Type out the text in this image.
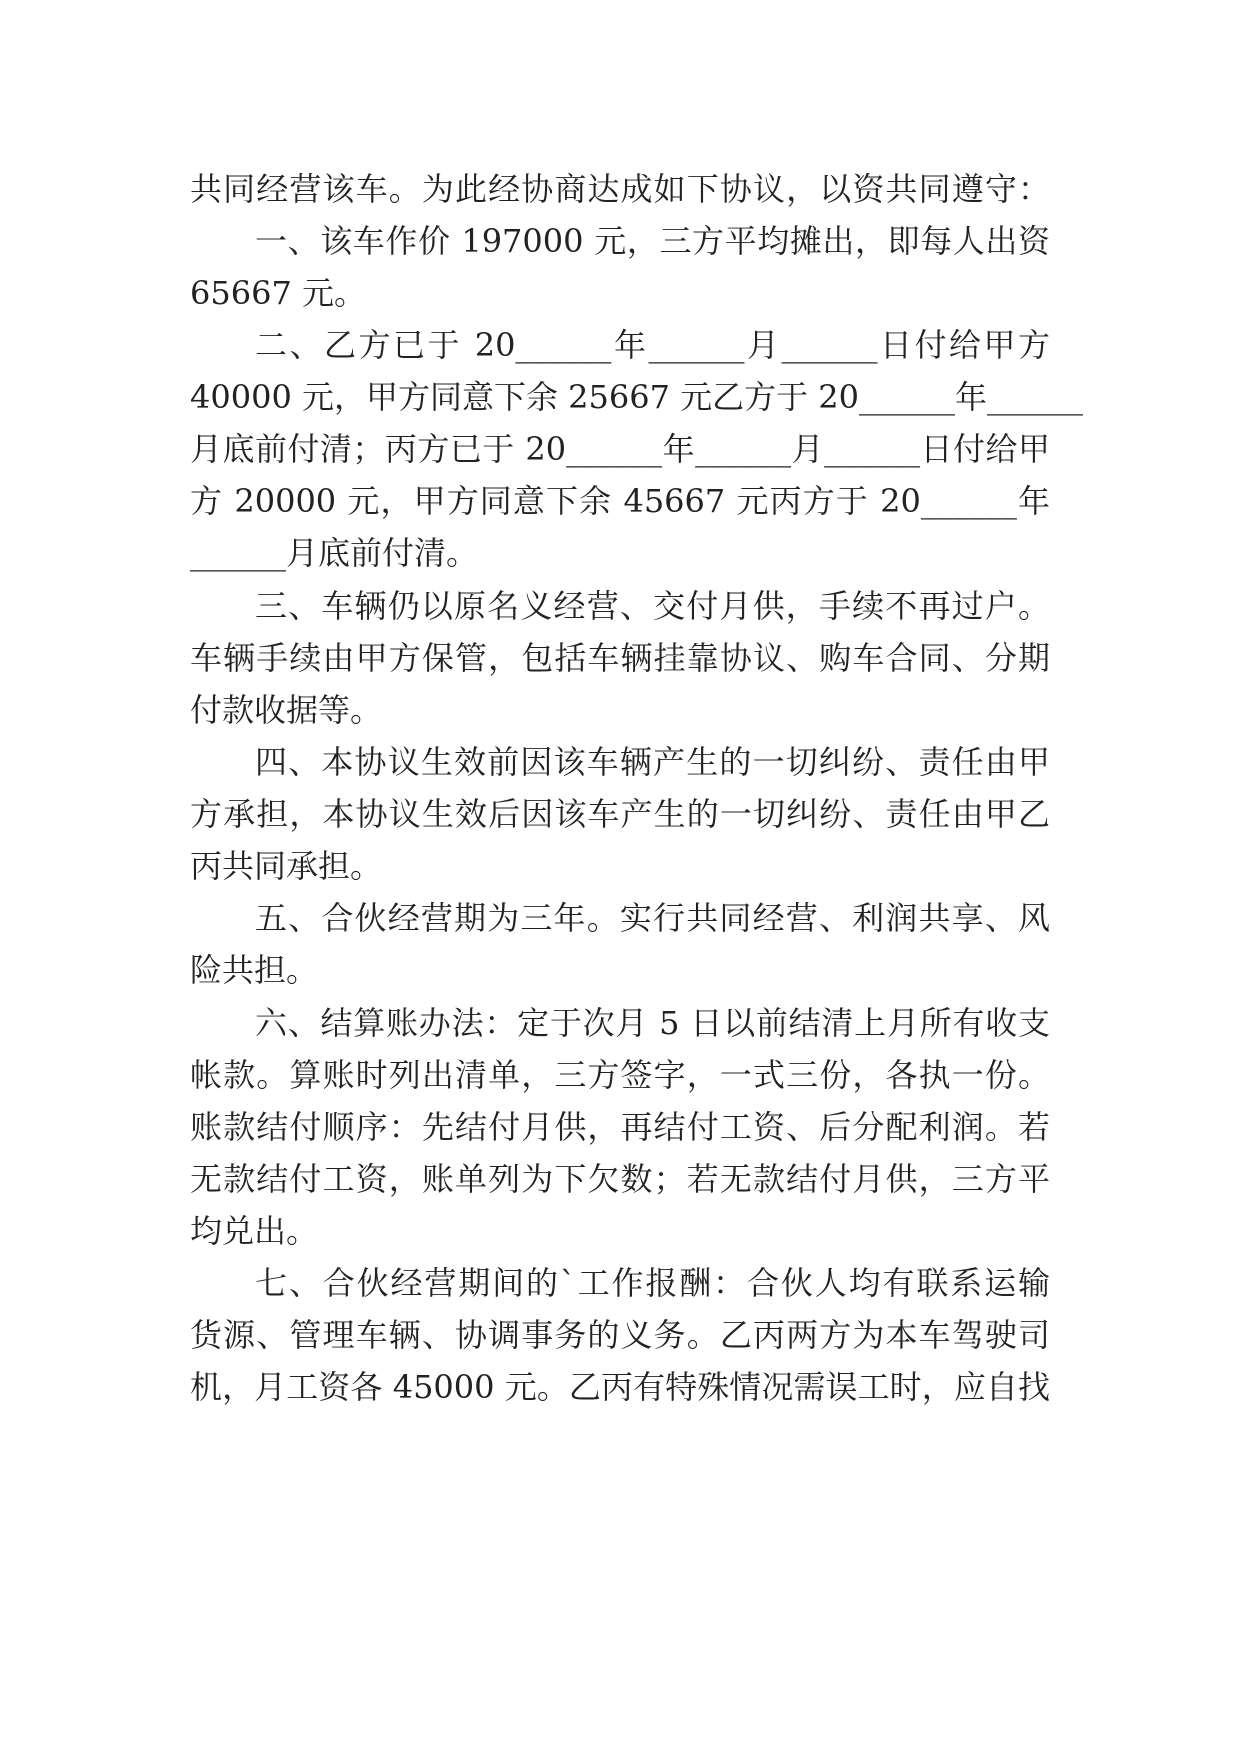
共同经营该车。为此经协商达成如下协议，以资共同遵守：
一、该车作价 197000 元，三方平均摊出，即每人出资
65667 元。
二、乙方已于 20______年______月______日付给甲方
40000 元，甲方同意下余 25667 元乙方于 20______年______
月底前付清；丙方已于 20______年______月______日付给甲
方 20000 元，甲方同意下余 45667 元丙方于 20______年
______月底前付清。
三、车辆仍以原名义经营、交付月供，手续不再过户。
车辆手续由甲方保管，包括车辆挂靠协议、购车合同、分期
付款收据等。
四、本协议生效前因该车辆产生的一切纠纷、责任由甲
方承担，本协议生效后因该车产生的一切纠纷、责任由甲乙
丙共同承担。
五、合伙经营期为三年。实行共同经营、利润共享、风
险共担。
六、结算账办法：定于次月 5 日以前结清上月所有收支
帐款。算账时列出清单，三方签字，一式三份，各执一份。
账款结付顺序：先结付月供，再结付工资、后分配利润。若
无款结付工资，账单列为下欠数；若无款结付月供，三方平
均兑出。
七、合伙经营期间的`工作报酬：合伙人均有联系运输
货源、管理车辆、协调事务的义务。乙丙两方为本车驾驶司
机，月工资各 45000 元。乙丙有特殊情况需误工时，应自找
